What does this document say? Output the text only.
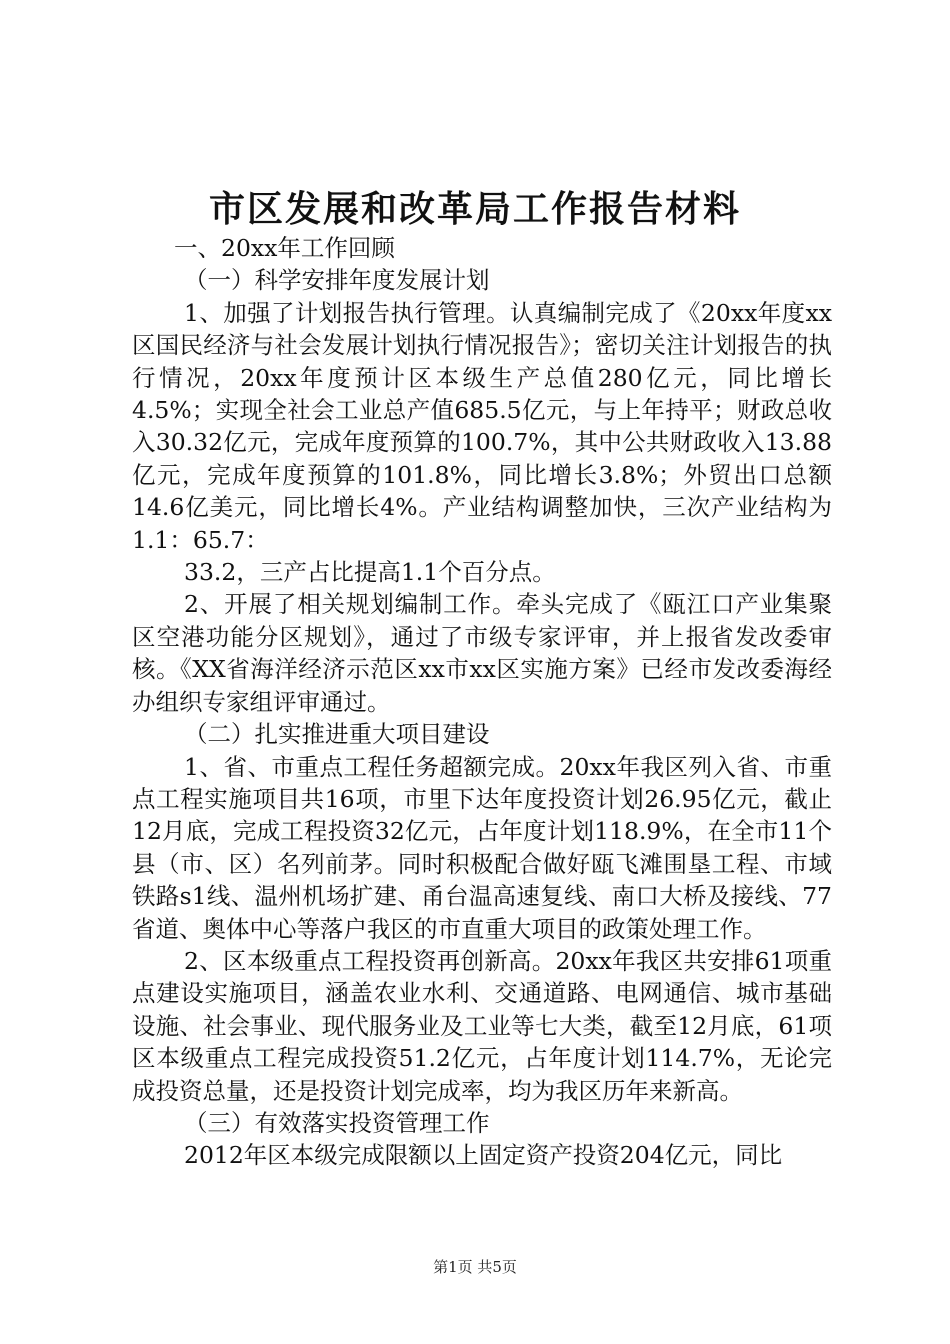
市区发展和改革局工作报告材料

一、20xx年工作回顾

（一）科学安排年度发展计划

1、加强了计划报告执行管理。认真编制完成了《20xx年度xx区国民经济与社会发展计划执行情况报告》；密切关注计划报告的执行情况，20xx年度预计区本级生产总值280亿元，同比增长4.5%；实现全社会工业总产值685.5亿元，与上年持平；财政总收入30.32亿元，完成年度预算的100.7%，其中公共财政收入13.88亿元，完成年度预算的101.8%，同比增长3.8%；外贸出口总额14.6亿美元，同比增长4%。产业结构调整加快，三次产业结构为1.1：65.7：

33.2，三产占比提高1.1个百分点。

2、开展了相关规划编制工作。牵头完成了《瓯江口产业集聚区空港功能分区规划》，通过了市级专家评审，并上报省发改委审核。《XX省海洋经济示范区xx市xx区实施方案》已经市发改委海经办组织专家组评审通过。

（二）扎实推进重大项目建设

1、省、市重点工程任务超额完成。20xx年我区列入省、市重点工程实施项目共16项，市里下达年度投资计划26.95亿元，截止12月底，完成工程投资32亿元，占年度计划118.9%，在全市11个县（市、区）名列前茅。同时积极配合做好瓯飞滩围垦工程、市域铁路s1线、温州机场扩建、甬台温高速复线、南口大桥及接线、77省道、奥体中心等落户我区的市直重大项目的政策处理工作。

2、区本级重点工程投资再创新高。20xx年我区共安排61项重点建设实施项目，涵盖农业水利、交通道路、电网通信、城市基础设施、社会事业、现代服务业及工业等七大类，截至12月底，61项区本级重点工程完成投资51.2亿元，占年度计划114.7%，无论完成投资总量，还是投资计划完成率，均为我区历年来新高。

（三）有效落实投资管理工作

2012年区本级完成限额以上固定资产投资204亿元，同比

第1页 共5页
